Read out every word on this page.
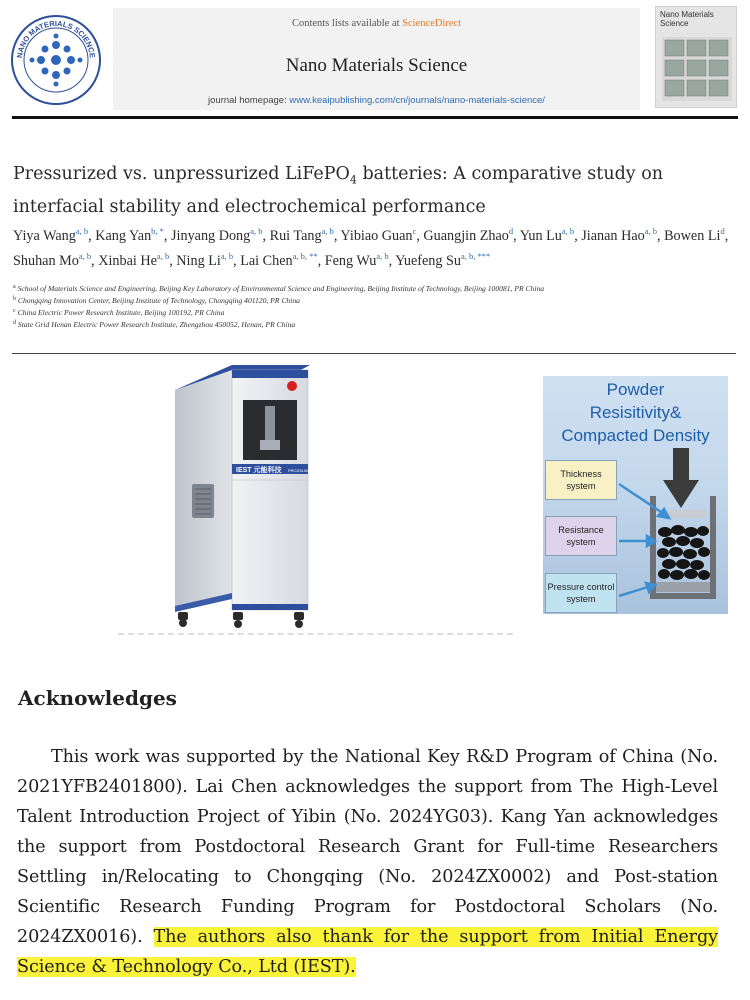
NANO MATERIALS SCIENCE
Contents lists available at ScienceDirect
Nano Materials Science
journal homepage: www.keaipublishing.com/cn/journals/nano-materials-science/
Nano Materials Science
Pressurized vs. unpressurized LiFePO$_4$ batteries: A comparative study on
interfacial stability and electrochemical performance
Yiya Wang$^{a, b}$, Kang Yan$^{b, *}$, Jinyang Dong$^{a, b}$, Rui Tang$^{a, b}$, Yibiao Guan$^c$, Guangjin Zhao$^d$, Yun Lu$^{a, b}$, Jianan Hao$^{a, b}$, Bowen Li$^d$, Shuhan Mo$^{a, b}$, Xinbai He$^{a, b}$, Ning Li$^{a, b}$, Lai Chen$^{a, b, **}$, Feng Wu$^{a, b}$, Yuefeng $Su^{a, b, ***}$
$^a$ School of Materials Science and Engineering, Beijing Key Laboratory of Environmental Science and Engineering, Beijing Institute of Technology, Beijing 100081, PR China
$^b$ Chongqing Innovation Center, Beijing Institute of Technology, Chongqing 401120, PR China
$^c$ China Electric Power Research Institute, Beijing 100192, PR China
$^d$ State Grid Henan Electric Power Research Institute, Zhengzhou 450052, Henan, PR China
IEST 元能科技 PRCD3100
Powder
Resisitivity&
Compacted Density
Thickness system
Resistance system
Pressure control system
Acknowledges
This work was supported by the National Key R&D Program of China (No. 2021YFB2401800). Lai Chen acknowledges the support from The High-Level Talent Introduction Project of Yibin (No. 2024YG03). Kang Yan acknowledges the support from Postdoctoral Research Grant for Full-time Researchers Settling in/Relocating to Chongqing (No. 2024ZX0002) and Post-station Scientific Research Funding Program for Postdoctoral Scholars (No. 2024ZX0016). The authors also thank for the support from Initial Energy Science & Technology Co., Ltd (IEST).
